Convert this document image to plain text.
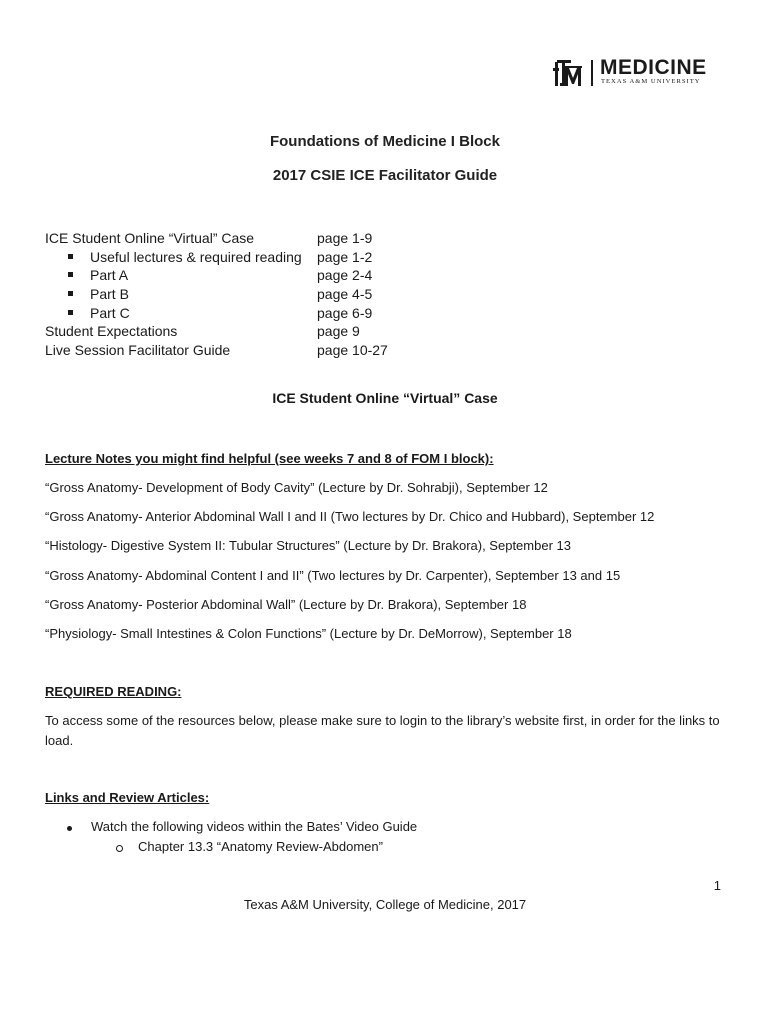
MEDICINE
TEXAS A&M UNIVERSITY
Foundations of Medicine I Block
2017 CSIE ICE Facilitator Guide
ICE Student Online “Virtual” Case	page 1-9
Useful lectures & required reading page 1-2
Part A	page 2-4
Part B	page 4-5
Part C	page 6-9
Student Expectations	page 9
Live Session Facilitator Guide	page 10-27
ICE Student Online “Virtual” Case
Lecture Notes you might find helpful (see weeks 7 and 8 of FOM I block):
“Gross Anatomy- Development of Body Cavity” (Lecture by Dr. Sohrabji), September 12
“Gross Anatomy- Anterior Abdominal Wall I and II (Two lectures by Dr. Chico and Hubbard), September 12
“Histology- Digestive System II: Tubular Structures” (Lecture by Dr. Brakora), September 13
“Gross Anatomy- Abdominal Content I and II” (Two lectures by Dr. Carpenter), September 13 and 15
“Gross Anatomy- Posterior Abdominal Wall” (Lecture by Dr. Brakora), September 18
“Physiology- Small Intestines & Colon Functions” (Lecture by Dr. DeMorrow), September 18
REQUIRED READING:
To access some of the resources below, please make sure to login to the library’s website first, in order for the links to load.
Links and Review Articles:
Watch the following videos within the Bates’ Video Guide
Chapter 13.3 “Anatomy Review-Abdomen”
1
Texas A&M University, College of Medicine, 2017
